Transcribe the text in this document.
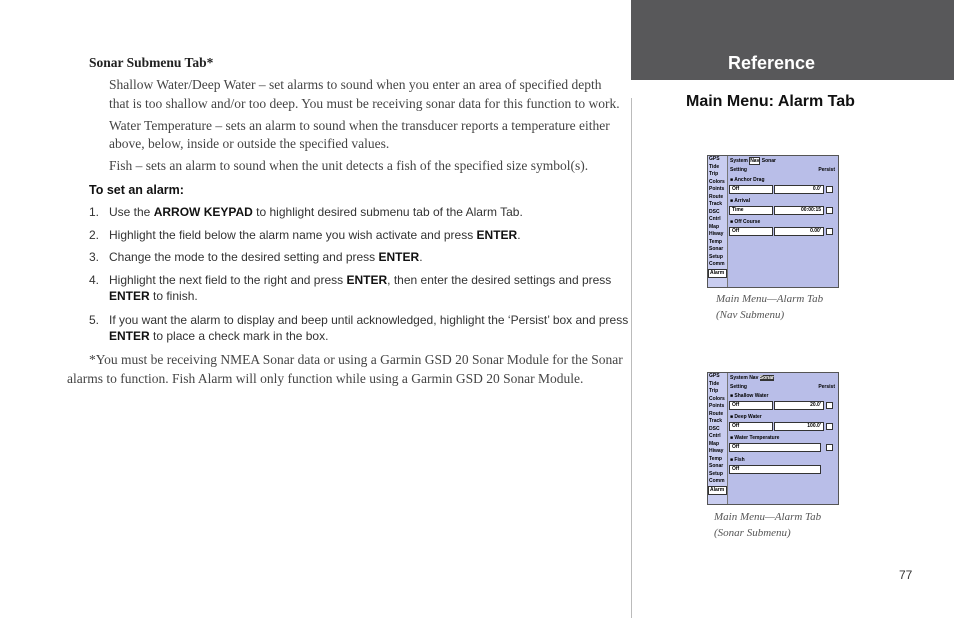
Reference
Main Menu: Alarm Tab
Sonar Submenu Tab*
Shallow Water/Deep Water – set alarms to sound when you enter an area of specified depth
that is too shallow and/or too deep. You must be receiving sonar data for this function to work.
Water Temperature – sets an alarm to sound when the transducer reports a temperature either
above, below, inside or outside the specified values.
Fish – sets an alarm to sound when the unit detects a fish of the specified size symbol(s).
To set an alarm:
1. Use the ARROW KEYPAD to highlight desired submenu tab of the Alarm Tab.
2. Highlight the field below the alarm name you wish activate and press ENTER.
3. Change the mode to the desired setting and press ENTER.
4. Highlight the next field to the right and press ENTER, then enter the desired settings and press
ENTER to finish.
5. If you want the alarm to display and beep until acknowledged, highlight the ‘Persist’ box and press
ENTER to place a check mark in the box.
*You must be receiving NMEA Sonar data or using a Garmin GSD 20 Sonar Module for the Sonar
alarms to function. Fish Alarm will only function while using a Garmin GSD 20 Sonar Module.
GPS
Tide
Trip
Colors
Points
Route
Track
DSC
Cntrl
Map
Hiway
Temp
Sonar
Setup
Comm
Alarm
System Nav Sonar
Setting	Persist
■ Anchor Drag
Off	0.0′
■ Arrival
Time	00:00:15
■ Off Course
Off	0.00′
Main Menu—Alarm Tab
(Nav Submenu)
GPS
Tide
Trip
Colors
Points
Route
Track
DSC
Cntrl
Map
Hiway
Temp
Sonar
Setup
Comm
Alarm
System Nav Sonar
Setting	Persist
■ Shallow Water
Off	20.0′
■ Deep Water
Off	100.0′
■ Water Temperature
Off
■ Fish
Off
Main Menu—Alarm Tab
(Sonar Submenu)
77
